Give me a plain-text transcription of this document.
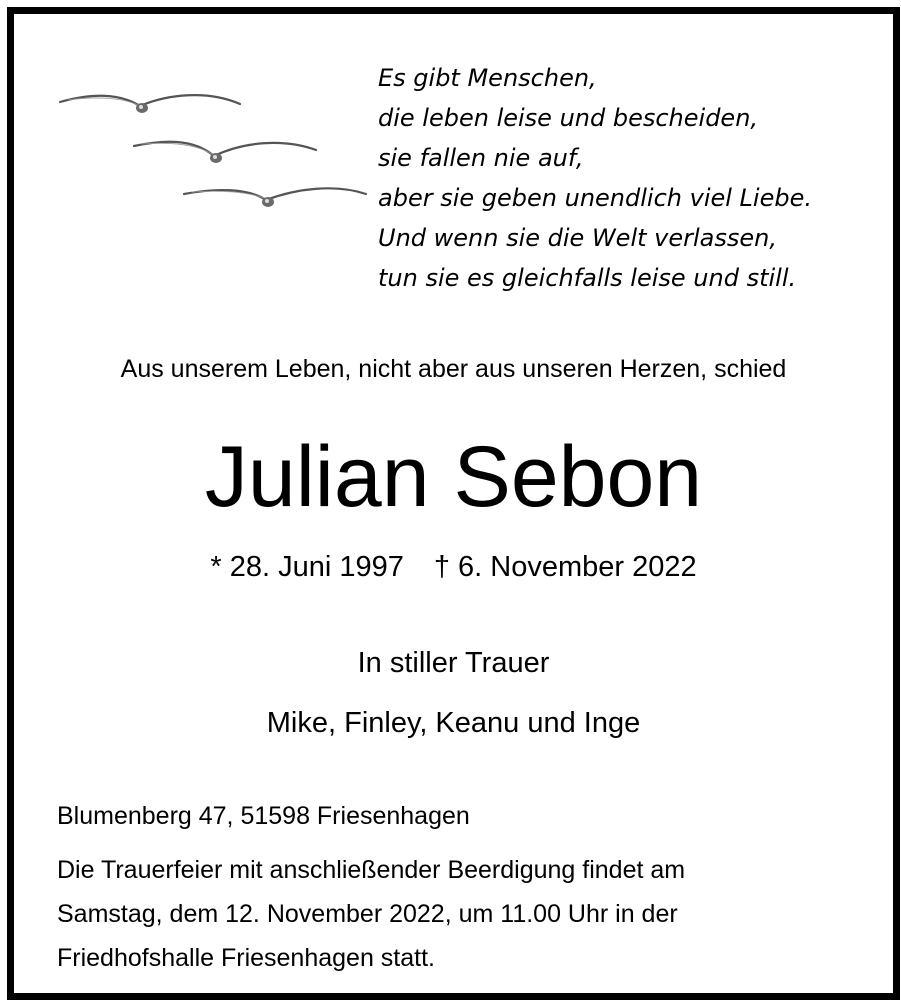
Es gibt Menschen,
die leben leise und bescheiden,
sie fallen nie auf,
aber sie geben unendlich viel Liebe.
Und wenn sie die Welt verlassen,
tun sie es gleichfalls leise und still.
Aus unserem Leben, nicht aber aus unseren Herzen, schied
Julian Sebon
* 28. Juni 1997 † 6. November 2022
In stiller Trauer
Mike, Finley, Keanu und Inge
Blumenberg 47, 51598 Friesenhagen
Die Trauerfeier mit anschließender Beerdigung findet am
Samstag, dem 12. November 2022, um 11.00 Uhr in der
Friedhofshalle Friesenhagen statt.
